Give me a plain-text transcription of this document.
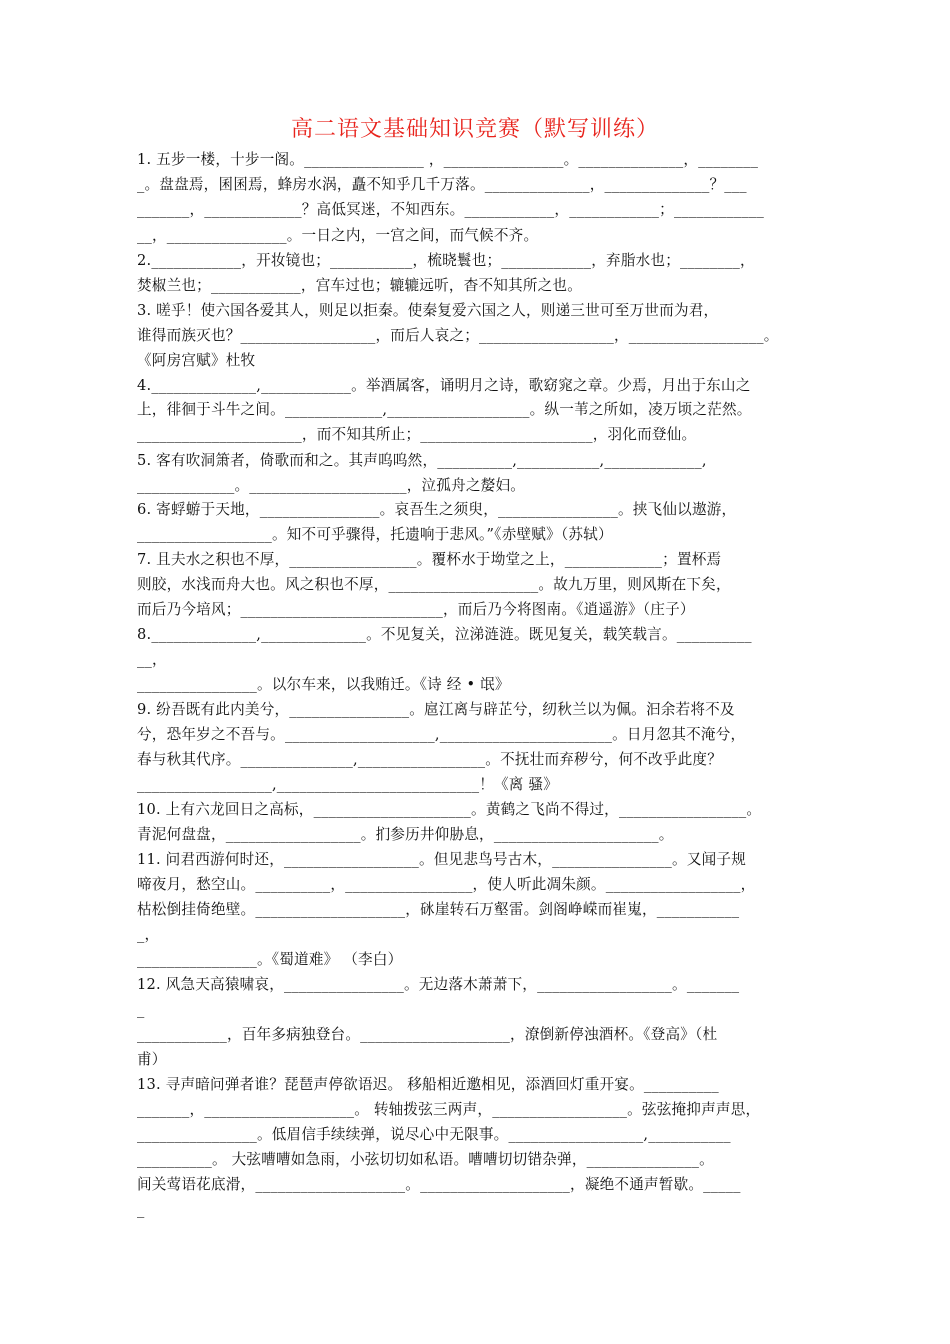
高二语文基础知识竞赛（默写训练）
1. 五步一楼，十步一阁。________________ ，________________。______________，________
_。盘盘焉，囷囷焉，蜂房水涡，矗不知乎几千万落。______________，______________？___
_______，_____________？高低冥迷，不知西东。____________，____________；____________
__，________________。一日之内，一宫之间，而气候不齐。
2.____________，开妆镜也；___________，梳晓鬟也；____________，弃脂水也；________，
焚椒兰也；____________，宫车过也；辘辘远听，杳不知其所之也。
3. 嗟乎！使六国各爱其人，则足以拒秦。使秦复爱六国之人，则递三世可至万世而为君，
谁得而族灭也？__________________，而后人哀之；__________________，__________________。
《阿房宫赋》杜牧
4.______________,____________。举酒属客，诵明月之诗，歌窈窕之章。少焉，月出于东山之
上，徘徊于斗牛之间。_____________,___________________。纵一苇之所如，凌万顷之茫然。
______________________，而不知其所止；_______________________，羽化而登仙。
5. 客有吹洞箫者，倚歌而和之。其声呜呜然，__________,___________,_____________,
_____________。_____________________，泣孤舟之嫠妇。
6. 寄蜉蝣于天地，________________。哀吾生之须臾，________________。挟飞仙以遨游，
__________________。知不可乎骤得，托遗响于悲风。”《赤壁赋》（苏轼）
7. 且夫水之积也不厚，_________________。覆杯水于坳堂之上，_____________；置杯焉
则胶，水浅而舟大也。风之积也不厚，____________________。故九万里，则风斯在下矣，
而后乃今培风；___________________________，而后乃今将图南。《逍遥游》（庄子）
8.______________,______________。不见复关，泣涕涟涟。既见复关，载笑载言。__________
__，
________________。以尔车来，以我贿迁。《诗 经 • 氓》
9. 纷吾既有此内美兮，________________。扈江离与辟芷兮，纫秋兰以为佩。汩余若将不及
兮，恐年岁之不吾与。____________________,_______________________。日月忽其不淹兮，
春与秋其代序。_______________,_________________。不抚壮而弃秽兮，何不改乎此度？
__________________,___________________________！《离 骚》
10. 上有六龙回日之高标，_____________________。黄鹤之飞尚不得过，_________________。
青泥何盘盘，__________________。扪参历井仰胁息，______________________。
11. 问君西游何时还，__________________。但见悲鸟号古木，________________。又闻子规
啼夜月，愁空山。__________，_________________，使人听此凋朱颜。__________________，
枯松倒挂倚绝壁。____________________，砯崖转石万壑雷。剑阁峥嵘而崔嵬，___________
_，
________________。《蜀道难》 （李白）
12. 风急天高猿啸哀，________________。无边落木萧萧下，__________________。_______
_
____________，百年多病独登台。____________________，潦倒新停浊酒杯。《登高》（杜
甫）
13. 寻声暗问弹者谁？琵琶声停欲语迟。 移船相近邀相见，添酒回灯重开宴。__________
_______，____________________。 转轴拨弦三两声，__________________。弦弦掩抑声声思，
________________。低眉信手续续弹，说尽心中无限事。__________________,___________
__________。 大弦嘈嘈如急雨，小弦切切如私语。嘈嘈切切错杂弹，_______________。
间关莺语花底滑，____________________。____________________，凝绝不通声暂歇。_____
_
